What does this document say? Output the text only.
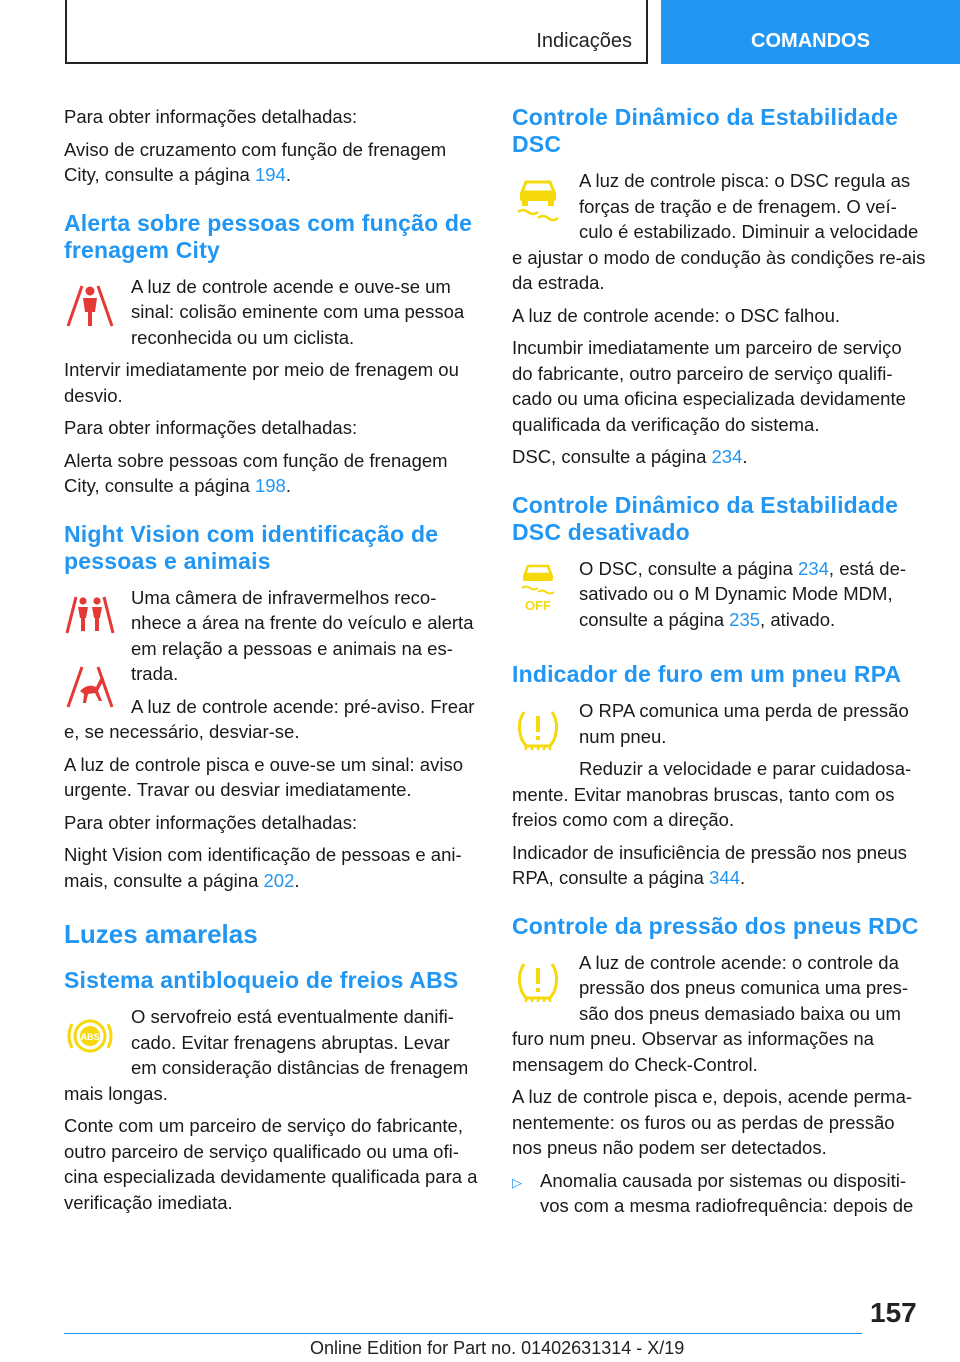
Indicações	COMANDOS

Para obter informações detalhadas:

Aviso de cruzamento com função de frenagem City, consulte a página 194.

Alerta sobre pessoas com função de frenagem City

A luz de controle acende e ouve-se um sinal: colisão eminente com uma pessoa reconhecida ou um ciclista.

Intervir imediatamente por meio de frenagem ou desvio.

Para obter informações detalhadas:

Alerta sobre pessoas com função de frenagem City, consulte a página 198.

Night Vision com identificação de pessoas e animais

Uma câmera de infravermelhos reco-nhece a área na frente do veículo e alerta em relação a pessoas e animais na es-trada.

A luz de controle acende: pré-aviso. Frear e, se necessário, desviar-se.

A luz de controle pisca e ouve-se um sinal: aviso urgente. Travar ou desviar imediatamente.

Para obter informações detalhadas:

Night Vision com identificação de pessoas e ani-mais, consulte a página 202.

Luzes amarelas
Sistema antibloqueio de freios ABS
ABS

O servofreio está eventualmente danifi-cado. Evitar frenagens abruptas. Levar em consideração distâncias de frenagem mais longas.

Conte com um parceiro de serviço do fabricante, outro parceiro de serviço qualificado ou uma ofi-cina especializada devidamente qualificada para a verificação imediata.

Controle Dinâmico da Estabilidade DSC

A luz de controle pisca: o DSC regula as forças de tração e de frenagem. O veí-culo é estabilizado. Diminuir a velocidade e ajustar o modo de condução às condições re-ais da estrada.

A luz de controle acende: o DSC falhou.

Incumbir imediatamente um parceiro de serviço do fabricante, outro parceiro de serviço qualifi-cado ou uma oficina especializada devidamente qualificada da verificação do sistema.

DSC, consulte a página 234.

Controle Dinâmico da Estabilidade DSC desativado
OFF

O DSC, consulte a página 234, está de-sativado ou o M Dynamic Mode MDM, consulte a página 235, ativado.

Indicador de furo em um pneu RPA

O RPA comunica uma perda de pressão num pneu.

Reduzir a velocidade e parar cuidadosa-mente. Evitar manobras bruscas, tanto com os freios como com a direção.

Indicador de insuficiência de pressão nos pneus RPA, consulte a página 344.

Controle da pressão dos pneus RDC

A luz de controle acende: o controle da pressão dos pneus comunica uma pres-são dos pneus demasiado baixa ou um furo num pneu. Observar as informações na mensagem do Check-Control.

A luz de controle pisca e, depois, acende perma-nentemente: os furos ou as perdas de pressão nos pneus não podem ser detectados.

▷ Anomalia causada por sistemas ou dispositi-vos com a mesma radiofrequência: depois de
157
Online Edition for Part no. 01402631314 - X/19
